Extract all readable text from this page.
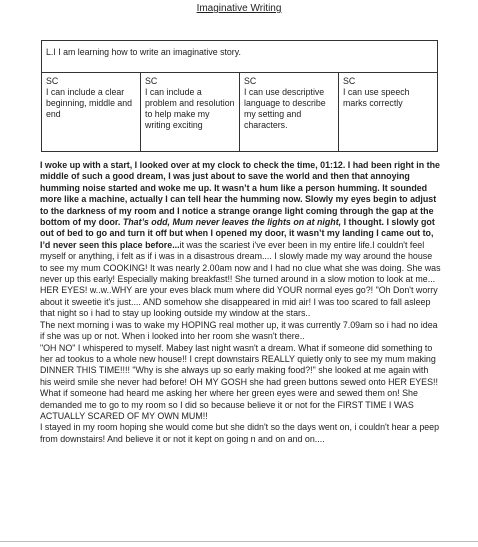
Imaginative Writing
L.I I am learning how to write an imaginative story.

SC
I can include a clear beginning, middle and end	
SC
I can include a problem and resolution to help make my writing exciting	
SC
I can use descriptive language to describe my setting and characters.	
SC
I can use speech marks correctly

I woke up with a start, I looked over at my clock to check the time, 01:12. I had been right in the middle of such a good dream, I was just about to save the world and then that annoying humming noise started and woke me up. It wasn’t a hum like a person humming. It sounded more like a machine, actually I can tell hear the humming now. Slowly my eyes begin to adjust to the darkness of my room and I notice a strange orange light coming through the gap at the bottom of my door. That’s odd, Mum never leaves the lights on at night, I thought. I slowly got out of bed to go and turn it off but when I opened my door, it wasn’t my landing I came out to, I’d never seen this place before...it was the scariest i've ever been in my entire life.I couldn't feel myself or anything, i felt as if i was in a disastrous dream.... I slowly made my way around the house to see my mum COOKING! It was nearly 2.00am now and I had no clue what she was doing. She was never up this early! Especially making breakfast!! She turned around in a slow motion to look at me... HER EYES! w..w..WHY are your eves black mum where did YOUR normal eyes go?! "Oh Don't worry about it sweetie it's just.... AND somehow she disappeared in mid air! I was too scared to fall asleep that night so i had to stay up looking outside my window at the stars..

The next morning i was to wake my HOPING real mother up, it was currently 7.09am so i had no idea if she was up or not. When i looked into her room she wasn't there..

"OH NO" I whispered to myself. Mabey last night wasn't a dream. What if someone did something to her ad tookus to a whole new house!! I crept downstairs REALLY quietly only to see my mum making DINNER THIS TIME!!!! "Why is she always up so early making food?!" she looked at me again with his weird smile she never had before! OH MY GOSH she had green buttons sewed onto HER EYES!! What if someone had heard me asking her where her green eyes were and sewed them on! She demanded me to go to my room so I did so because believe it or not for the FIRST TIME I WAS ACTUALLY SCARED OF MY OWN MUM!!

I stayed in my room hoping she would come but she didn't so the days went on, i couldn't hear a peep from downstairs! And believe it or not it kept on going n and on and on....
